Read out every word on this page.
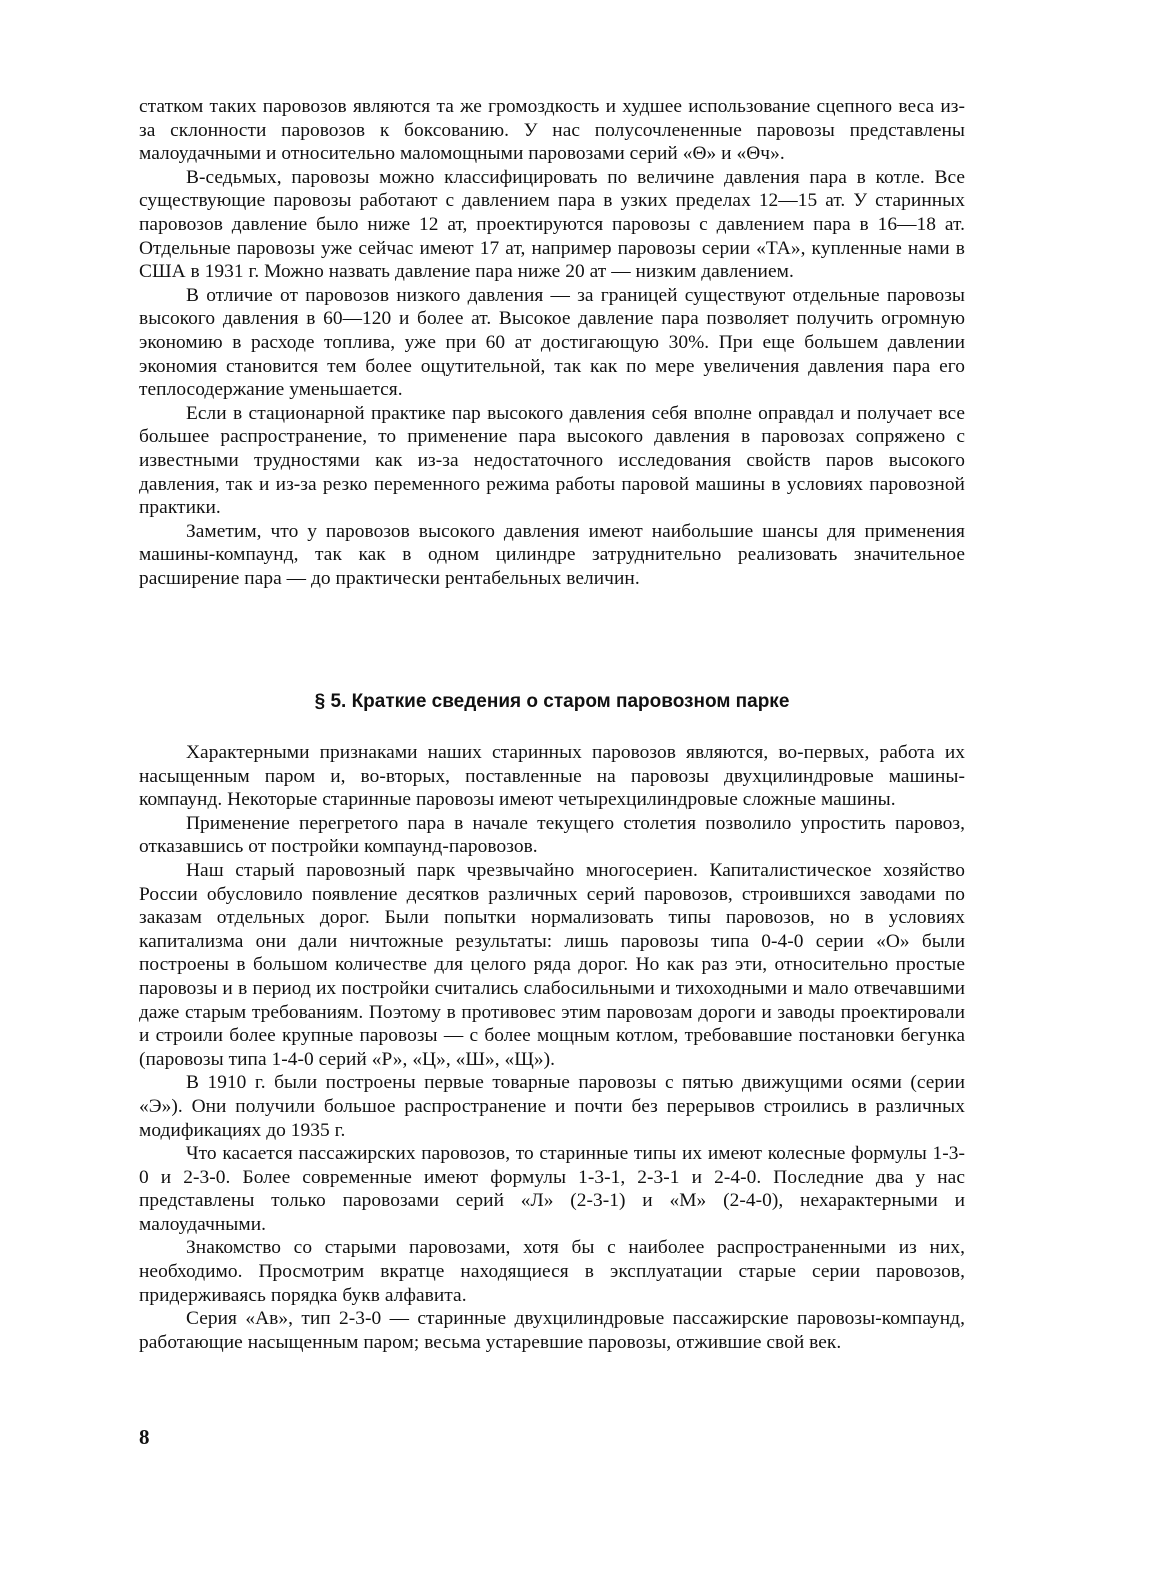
статком таких паровозов являются та же громоздкость и худшее использование сцепного веса из-за склонности паровозов к боксованию. У нас полусочлененные паровозы представлены малоудачными и относительно маломощными паровозами серий «Θ» и «Θч».

В-седьмых, паровозы можно классифицировать по величине давления пара в котле. Все существующие паровозы работают с давлением пара в узких пределах 12—15 ат. У старинных паровозов давление было ниже 12 ат, проектируются паровозы с давлением пара в 16—18 ат. Отдельные паровозы уже сейчас имеют 17 ат, например паровозы серии «ТА», купленные нами в США в 1931 г. Можно назвать давление пара ниже 20 ат — низким давлением.

В отличие от паровозов низкого давления — за границей существуют отдельные паровозы высокого давления в 60—120 и более ат. Высокое давление пара позволяет получить огромную экономию в расходе топлива, уже при 60 ат достигающую 30%. При еще большем давлении экономия становится тем более ощутительной, так как по мере увеличения давления пара его теплосодержание уменьшается.

Если в стационарной практике пар высокого давления себя вполне оправдал и получает все большее распространение, то применение пара высокого давления в паровозах сопряжено с известными трудностями как из-за недостаточного исследования свойств паров высокого давления, так и из-за резко переменного режима работы паровой машины в условиях паровозной практики.

Заметим, что у паровозов высокого давления имеют наибольшие шансы для применения машины-компаунд, так как в одном цилиндре затруднительно реализовать значительное расширение пара — до практически рентабельных величин.

§ 5. Краткие сведения о старом паровозном парке

Характерными признаками наших старинных паровозов являются, во-первых, работа их насыщенным паром и, во-вторых, поставленные на паровозы двухцилиндровые машины-компаунд. Некоторые старинные паровозы имеют четырехцилиндровые сложные машины.

Применение перегретого пара в начале текущего столетия позволило упростить паровоз, отказавшись от постройки компаунд-паровозов.

Наш старый паровозный парк чрезвычайно многосериен. Капиталистическое хозяйство России обусловило появление десятков различных серий паровозов, строившихся заводами по заказам отдельных дорог. Были попытки нормализовать типы паровозов, но в условиях капитализма они дали ничтожные результаты: лишь паровозы типа 0-4-0 серии «О» были построены в большом количестве для целого ряда дорог. Но как раз эти, относительно простые паровозы и в период их постройки считались слабосильными и тихоходными и мало отвечавшими даже старым требованиям. Поэтому в противовес этим паровозам дороги и заводы проектировали и строили более крупные паровозы — с более мощным котлом, требовавшие постановки бегунка (паровозы типа 1-4-0 серий «Р», «Ц», «Ш», «Щ»).

В 1910 г. были построены первые товарные паровозы с пятью движущими осями (серии «Э»). Они получили большое распространение и почти без перерывов строились в различных модификациях до 1935 г.

Что касается пассажирских паровозов, то старинные типы их имеют колесные формулы 1-3-0 и 2-3-0. Более современные имеют формулы 1-3-1, 2-3-1 и 2-4-0. Последние два у нас представлены только паровозами серий «Л» (2-3-1) и «М» (2-4-0), нехарактерными и малоудачными.

Знакомство со старыми паровозами, хотя бы с наиболее распространенными из них, необходимо. Просмотрим вкратце находящиеся в эксплуатации старые серии паровозов, придерживаясь порядка букв алфавита.

Серия «Ав», тип 2-3-0 — старинные двухцилиндровые пассажирские паровозы-компаунд, работающие насыщенным паром; весьма устаревшие паровозы, отжившие свой век.

8
